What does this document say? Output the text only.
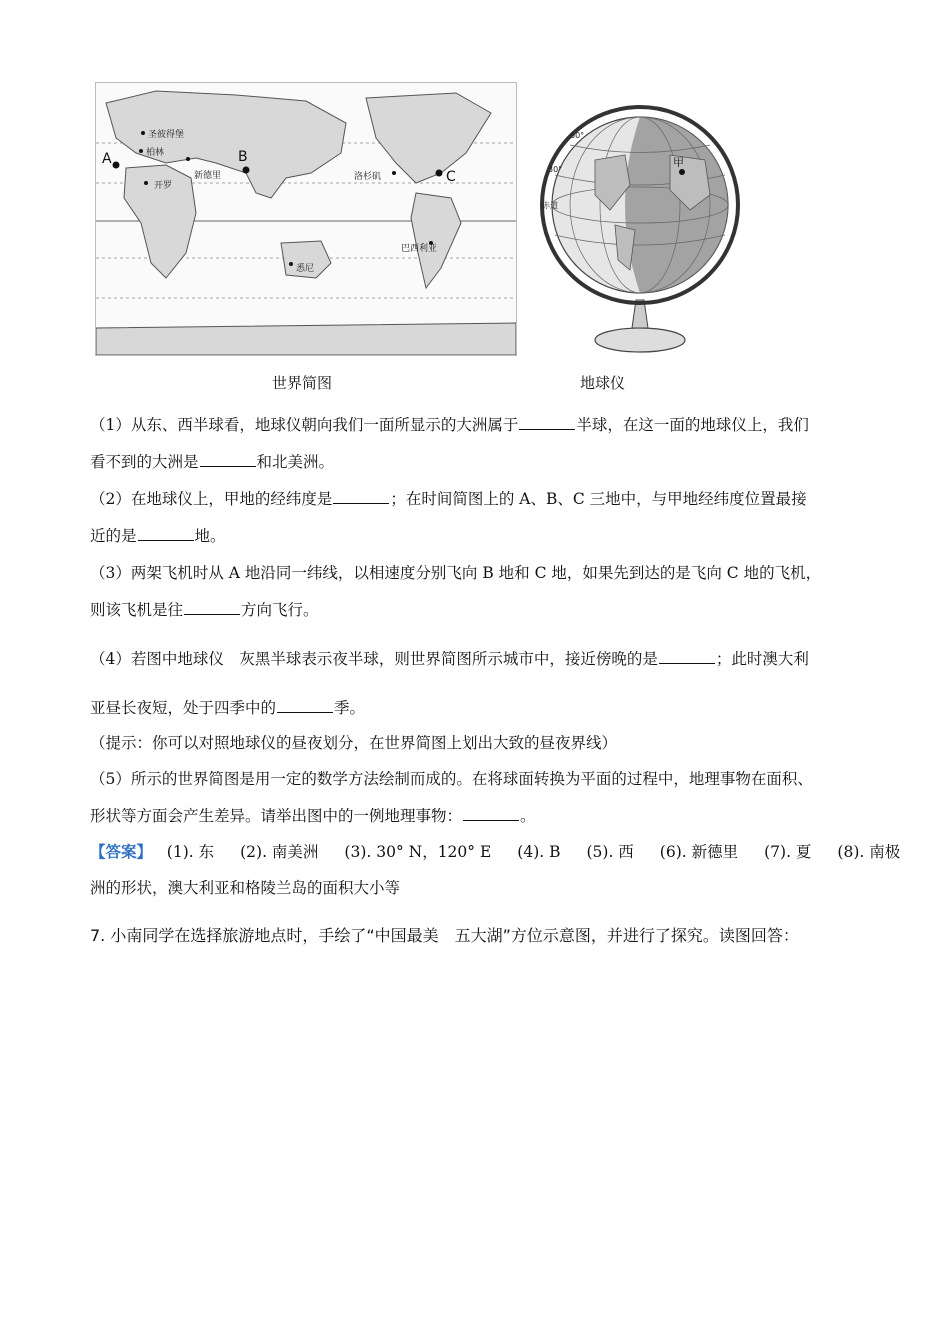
圣彼得堡
柏林
开罗
新德里	洛杉矶
悉尼
巴西利亚
A	B
C
甲
赤道
30°
60°
世界简图	地球仪
（1）从东、西半球看，地球仪朝向我们一面所显示的大洲属于	半球，在这一面的地球仪上，我们
看不到的大洲是	和北美洲。
（2）在地球仪上，甲地的经纬度是	；在时间简图上的 A、B、C 三地中，与甲地经纬度位置最接
近的是	地。
（3）两架飞机时从 A 地沿同一纬线，以相速度分别飞向 B 地和 C 地，如果先到达的是飞向 C 地的飞机，
则该飞机是往	方向飞行。
（4）若图中地球仪　灰黑半球表示夜半球，则世界简图所示城市中，接近傍晚的是	；此时澳大利
亚昼长夜短，处于四季中的	季。
（提示：你可以对照地球仪的昼夜划分，在世界简图上划出大致的昼夜界线）
（5）所示的世界简图是用一定的数学方法绘制而成的。在将球面转换为平面的过程中，地理事物在面积、
形状等方面会产生差异。请举出图中的一例地理事物：	。
【答案】 (1). 东 (2). 南美洲 (3). 30° N，120° E (4). B (5). 西 (6). 新德里 (7). 夏 (8). 南极
洲的形状，澳大利亚和格陵兰岛的面积大小等
7. 小南同学在选择旅游地点时，手绘了“中国最美　五大湖”方位示意图，并进行了探究。读图回答：
